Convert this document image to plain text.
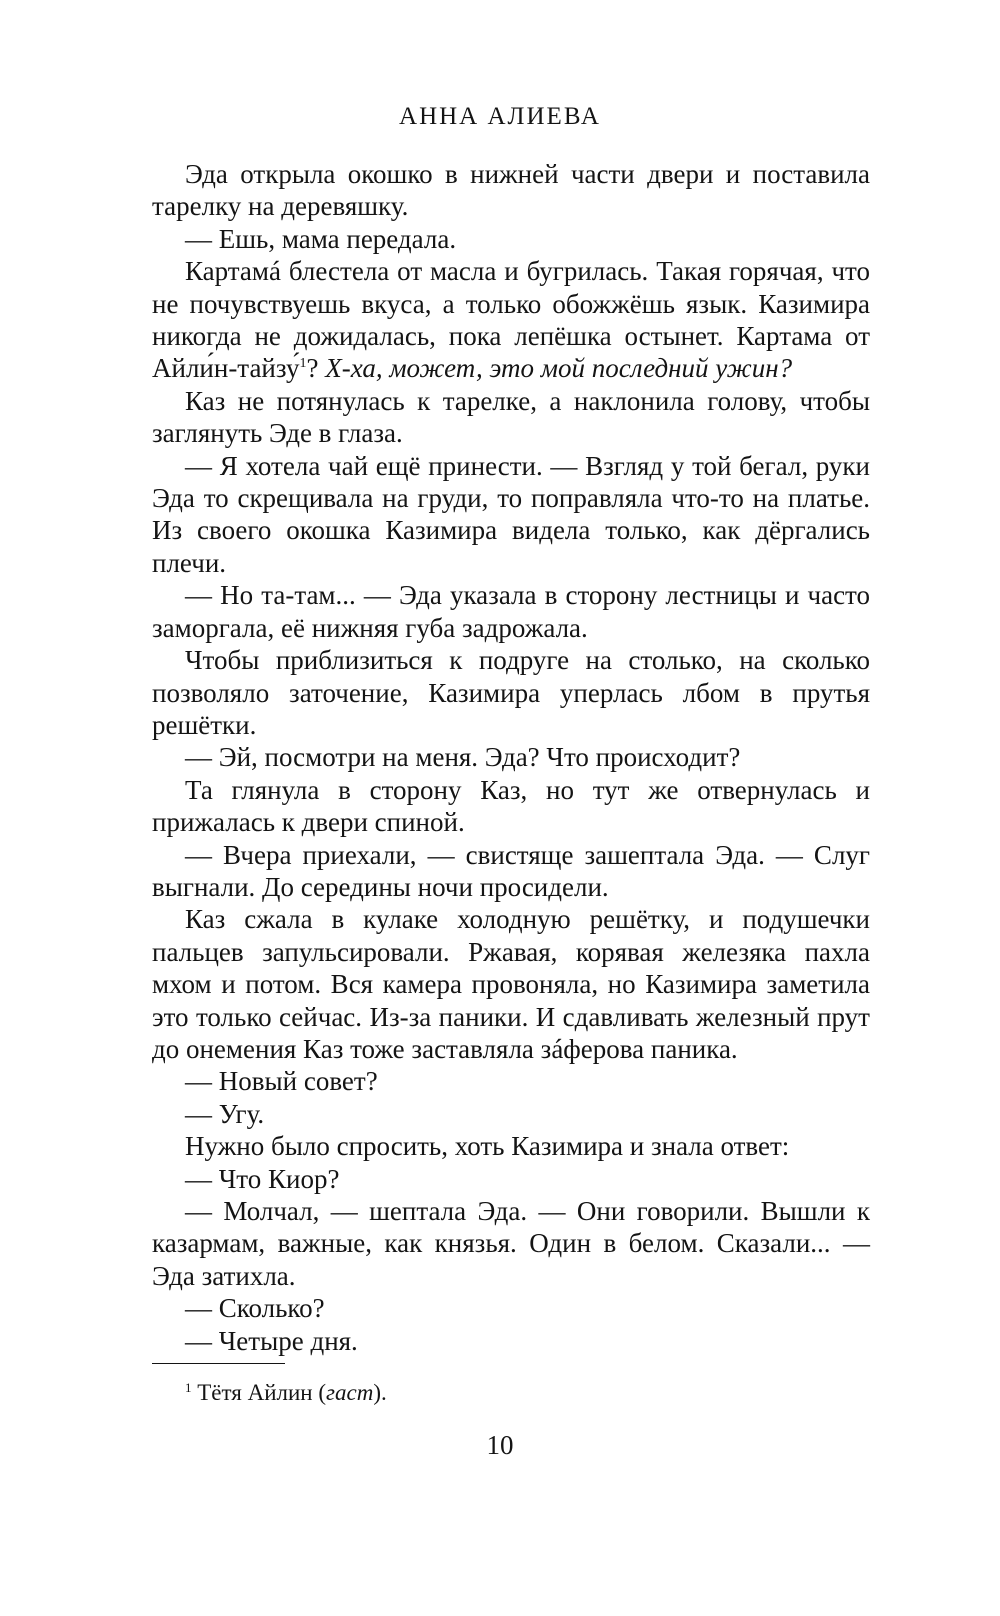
АННА АЛИЕВА

Эда открыла окошко в нижней части двери и поставила тарелку на деревяшку.

— Ешь, мама передала.

Картамá блестела от масла и бугрилась. Такая горячая, что не почувствуешь вкуса, а только обожжёшь язык. Казимира никогда не дожидалась, пока лепёшка остынет. Картама от Айли́н-тайзу́$^1$? Х-ха, может, это мой последний ужин?

Каз не потянулась к тарелке, а наклонила голову, чтобы заглянуть Эде в глаза.

— Я хотела чай ещё принести. — Взгляд у той бегал, руки Эда то скрещивала на груди, то поправляла что-то на платье. Из своего окошка Казимира видела только, как дёргались плечи.

— Но та-там... — Эда указала в сторону лестницы и часто заморгала, её нижняя губа задрожала.

Чтобы приблизиться к подруге на столько, на сколько позволяло заточение, Казимира уперлась лбом в прутья решётки.

— Эй, посмотри на меня. Эда? Что происходит?

Та глянула в сторону Каз, но тут же отвернулась и прижалась к двери спиной.

— Вчера приехали, — свистяще зашептала Эда. — Слуг выгнали. До середины ночи просидели.

Каз сжала в кулаке холодную решётку, и подушечки пальцев запульсировали. Ржавая, корявая железяка пахла мхом и потом. Вся камера провоняла, но Казимира заметила это только сейчас. Из-за паники. И сдавливать железный прут до онемения Каз тоже заставляла зáферова паника.

— Новый совет?

— Угу.

Нужно было спросить, хоть Казимира и знала ответ:

— Что Киор?

— Молчал, — шептала Эда. — Они говорили. Вышли к казармам, важные, как князья. Один в белом. Сказали... — Эда затихла.

— Сколько?

— Четыре дня.

$^1$ Тётя Айлин (гаст).
10
